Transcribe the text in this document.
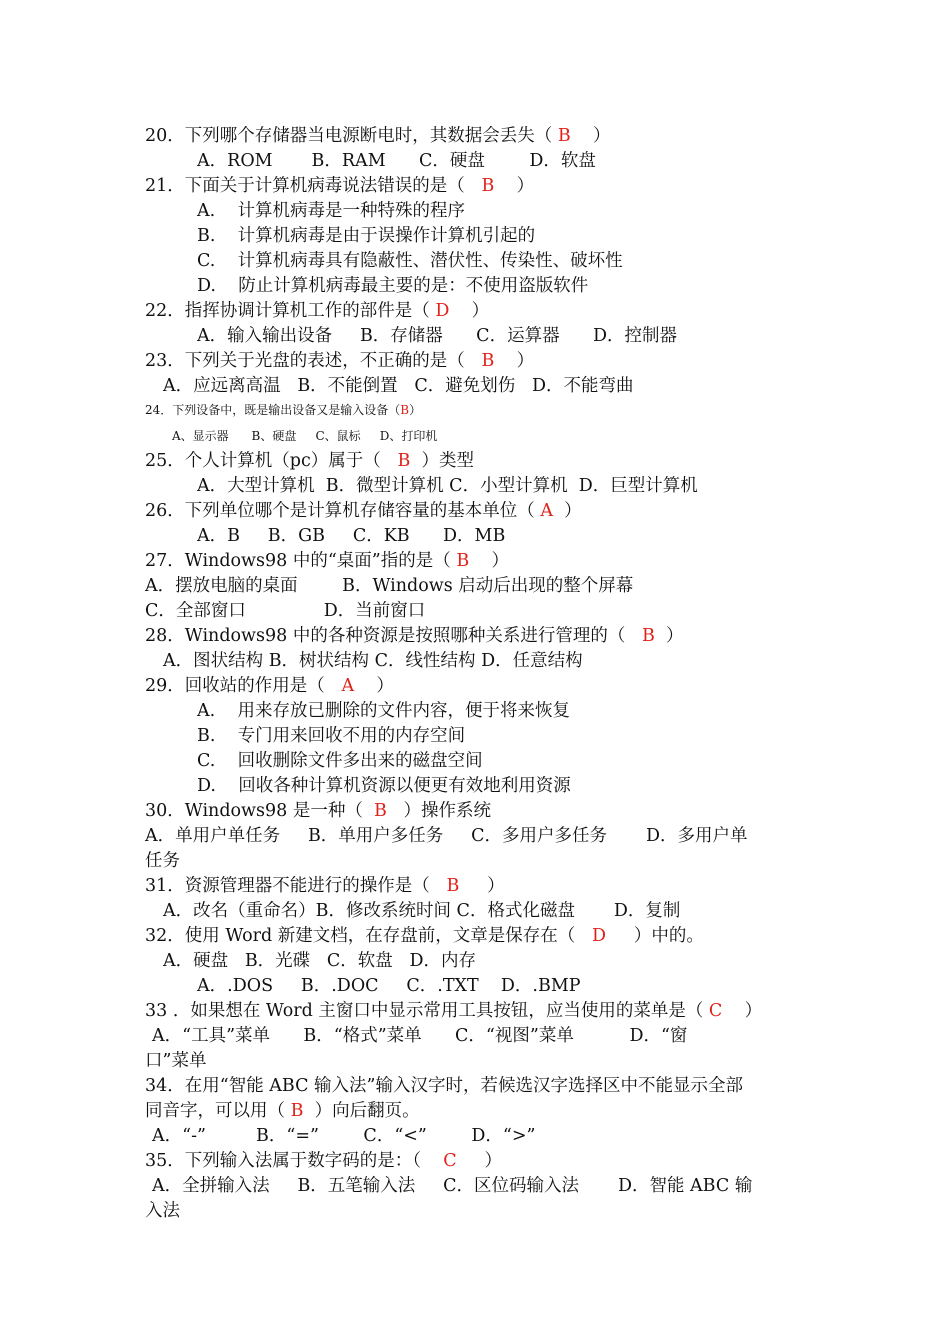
20．下列哪个存储器当电源断电时，其数据会丢失（ B    ）
A．ROM       B．RAM      C．硬盘        D．软盘
21．下面关于计算机病毒说法错误的是（   B    ）
A.    计算机病毒是一种特殊的程序
B.    计算机病毒是由于误操作计算机引起的
C.    计算机病毒具有隐蔽性、潜伏性、传染性、破坏性
D.    防止计算机病毒最主要的是：不使用盗版软件
22．指挥协调计算机工作的部件是（ D    ）
A．输入输出设备     B．存储器      C．运算器      D．控制器
23．下列关于光盘的表述，不正确的是（   B    ）
A．应远离高温   B．不能倒置   C．避免划伤   D．不能弯曲
24．下列设备中，既是输出设备又是输入设备（B）
A、显示器      B、硬盘     C、鼠标     D、打印机
25．个人计算机（pc）属于（   B  ）类型
A．大型计算机  B．微型计算机 C．小型计算机  D．巨型计算机
26．下列单位哪个是计算机存储容量的基本单位（ A  ）
A．B     B．GB     C．KB      D．MB
27．Windows98 中的“桌面”指的是（ B    ）
A．摆放电脑的桌面        B．Windows 启动后出现的整个屏幕
C．全部窗口              D．当前窗口
28．Windows98 中的各种资源是按照哪种关系进行管理的（   B  ）
A．图状结构 B．树状结构 C．线性结构 D．任意结构
29．回收站的作用是（   A    ）
A.    用来存放已删除的文件内容，便于将来恢复
B.    专门用来回收不用的内存空间
C.    回收删除文件多出来的磁盘空间
D.    回收各种计算机资源以便更有效地利用资源
30．Windows98 是一种（  B   ）操作系统
A．单用户单任务     B．单用户多任务     C．多用户多任务       D．多用户单
任务
31．资源管理器不能进行的操作是（   B     ）
A．改名（重命名）B．修改系统时间 C．格式化磁盘       D．复制
32．使用 Word 新建文档，在存盘前，文章是保存在（   D     ）中的。
A．硬盘   B．光碟   C．软盘   D．内存
A．.DOS     B．.DOC     C．.TXT    D．.BMP
33 ．如果想在 Word 主窗口中显示常用工具按钮，应当使用的菜单是（ C    ）
A．“工具”菜单      B．“格式”菜单      C．“视图”菜单          D．“窗
口”菜单
34．在用“智能 ABC 输入法”输入汉字时，若候选汉字选择区中不能显示全部
同音字，可以用（ B  ）向后翻页。
A．“-”         B．“=”        C．“<”        D．“>”
35．下列输入法属于数字码的是：（    C     ）
A．全拼输入法     B．五笔输入法     C．区位码输入法       D．智能 ABC 输
入法
